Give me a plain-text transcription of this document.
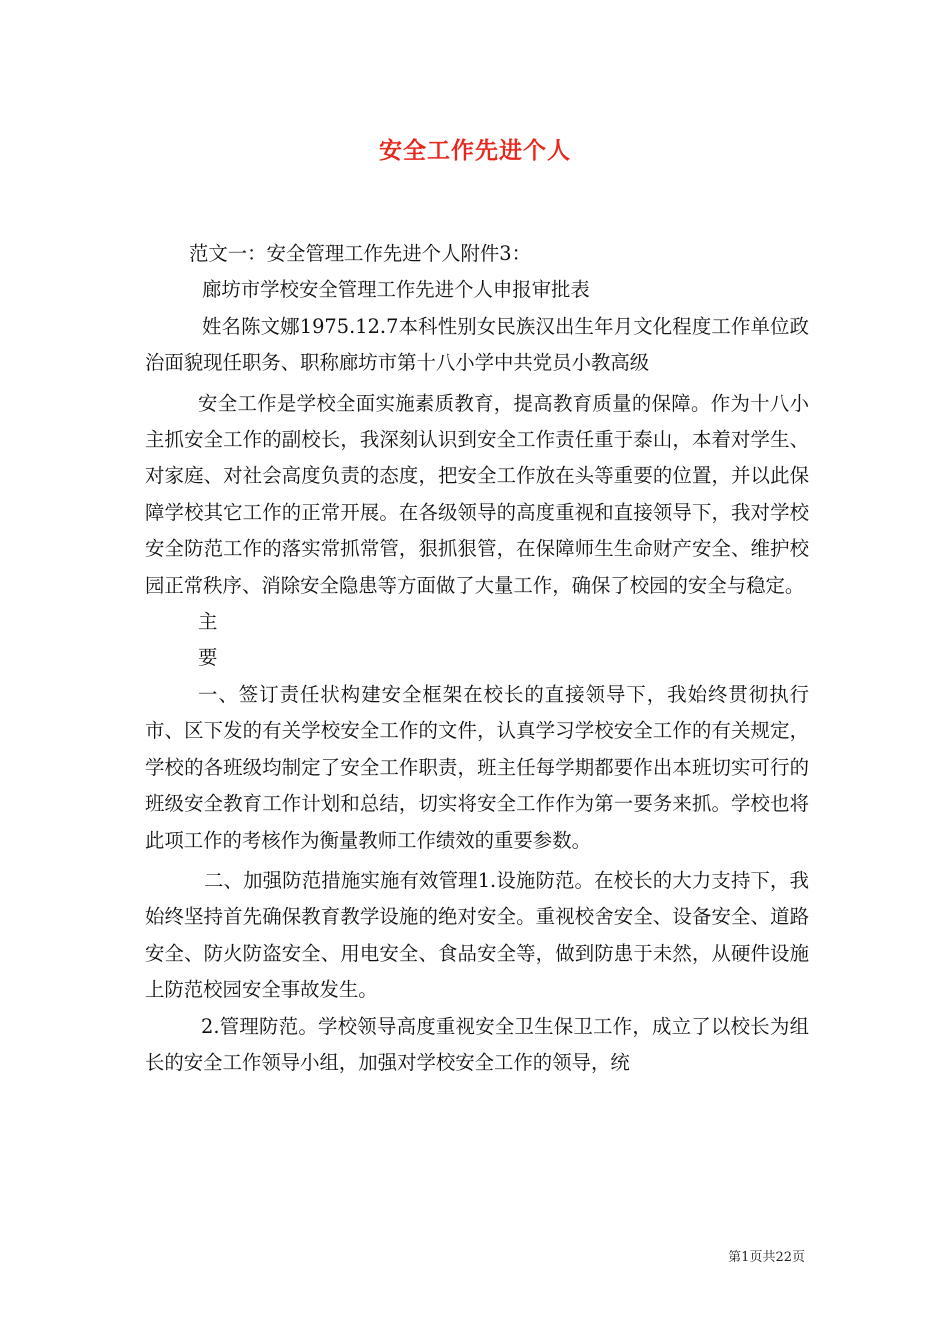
安全工作先进个人

范文一：安全管理工作先进个人附件3：

廊坊市学校安全管理工作先进个人申报审批表

姓名陈文娜1975.12.7本科性别女民族汉出生年月文化程度工作单位政治面貌现任职务、职称廊坊市第十八小学中共党员小教高级

安全工作是学校全面实施素质教育，提高教育质量的保障。作为十八小主抓安全工作的副校长，我深刻认识到安全工作责任重于泰山，本着对学生、对家庭、对社会高度负责的态度，把安全工作放在头等重要的位置，并以此保障学校其它工作的正常开展。在各级领导的高度重视和直接领导下，我对学校安全防范工作的落实常抓常管，狠抓狠管，在保障师生生命财产安全、维护校园正常秩序、消除安全隐患等方面做了大量工作，确保了校园的安全与稳定。

主

要

一、签订责任状构建安全框架在校长的直接领导下，我始终贯彻执行市、区下发的有关学校安全工作的文件，认真学习学校安全工作的有关规定，学校的各班级均制定了安全工作职责，班主任每学期都要作出本班切实可行的班级安全教育工作计划和总结，切实将安全工作作为第一要务来抓。学校也将此项工作的考核作为衡量教师工作绩效的重要参数。

二、加强防范措施实施有效管理1.设施防范。在校长的大力支持下，我始终坚持首先确保教育教学设施的绝对安全。重视校舍安全、设备安全、道路安全、防火防盗安全、用电安全、食品安全等，做到防患于未然，从硬件设施上防范校园安全事故发生。

2.管理防范。学校领导高度重视安全卫生保卫工作，成立了以校长为组长的安全工作领导小组，加强对学校安全工作的领导，统

第1页共22页
